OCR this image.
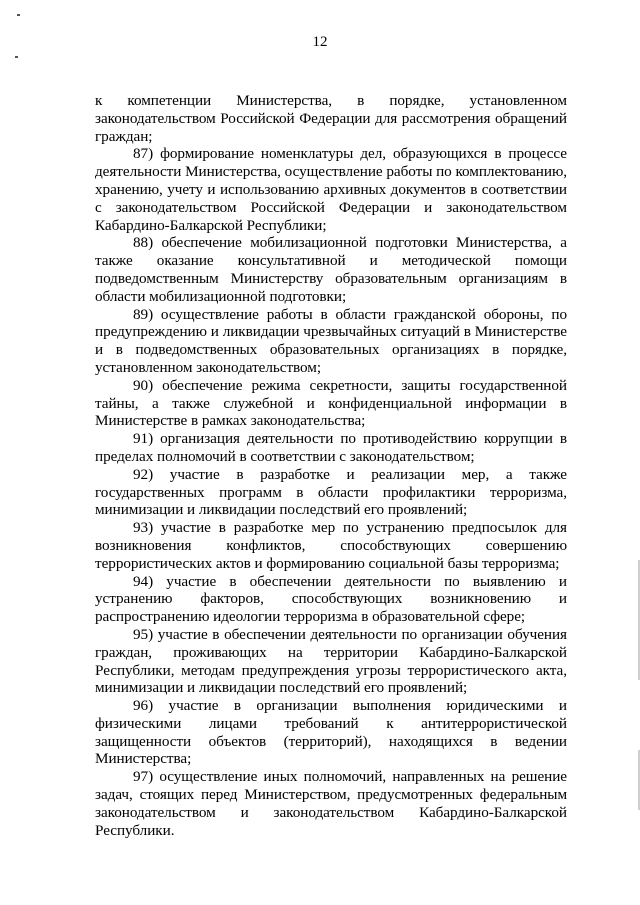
12

к компетенции Министерства, в порядке, установленном законодательством Российской Федерации для рассмотрения обращений граждан;

87) формирование номенклатуры дел, образующихся в процессе деятельности Министерства, осуществление работы по комплектованию, хранению, учету и использованию архивных документов в соответствии с законодательством Российской Федерации и законодательством Кабардино-Балкарской Республики;

88) обеспечение мобилизационной подготовки Министерства, а также оказание консультативной и методической помощи подведомственным Министерству образовательным организациям в области мобилизационной подготовки;

89) осуществление работы в области гражданской обороны, по предупреждению и ликвидации чрезвычайных ситуаций в Министерстве и в подведомственных образовательных организациях в порядке, установленном законодательством;

90) обеспечение режима секретности, защиты государственной тайны, а также служебной и конфиденциальной информации в Министерстве в рамках законодательства;

91) организация деятельности по противодействию коррупции в пределах полномочий в соответствии с законодательством;

92) участие в разработке и реализации мер, а также государственных программ в области профилактики терроризма, минимизации и ликвидации последствий его проявлений;

93) участие в разработке мер по устранению предпосылок для возникновения конфликтов, способствующих совершению террористических актов и формированию социальной базы терроризма;

94) участие в обеспечении деятельности по выявлению и устранению факторов, способствующих возникновению и распространению идеологии терроризма в образовательной сфере;

95) участие в обеспечении деятельности по организации обучения граждан, проживающих на территории Кабардино-Балкарской Республики, методам предупреждения угрозы террористического акта, минимизации и ликвидации последствий его проявлений;

96) участие в организации выполнения юридическими и физическими лицами требований к антитеррористической защищенности объектов (территорий), находящихся в ведении Министерства;

97) осуществление иных полномочий, направленных на решение задач, стоящих перед Министерством, предусмотренных федеральным законодательством и законодательством Кабардино-Балкарской Республики.
